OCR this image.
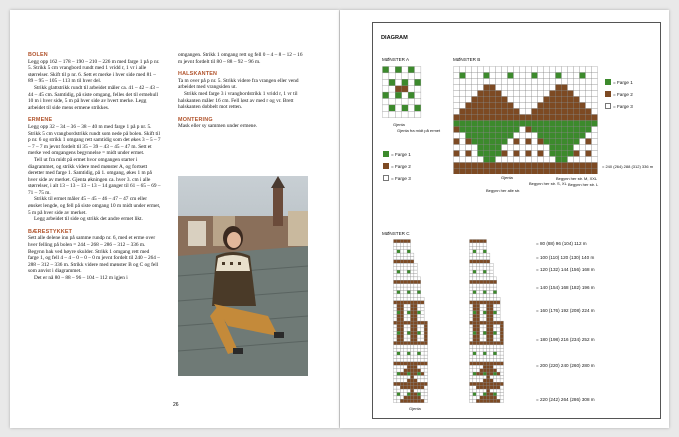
BOLEN

Legg opp 162 – 178 – 190 – 210 – 226 m med farge 1 på p nr. 5. Strikk 5 cm vrangbord rundt med 1 vridd r, 1 vr i alle størrelser. Skift til p nr. 6. Sett et merke i hver side med 81 – 89 – 95 – 105 – 113 m til hver del.

Strikk glattstrikk rundt til arbeidet måler ca. 41 – 42 – 43 – 44 – 45 cm. Samtidig, på siste omgang, felles det til ermehull 10 m i hver side, 5 m på hver side av hvert merke. Legg arbeidet til side mens ermene strikkes.

ERMENE

Legg opp 32 – 34 – 36 – 38 – 40 m med farge 1 på p nr. 5. Strikk 5 cm vrangbordstrikk rundt som nede på bolen. Skift til p nr. 6 og strikk 1 omgang rett samtidig som det økes 3 – 5 – 7 – 7 – 7 m jevnt fordelt til 35 – 39 – 43 – 45 – 47 m. Sett et merke ved omgangens begynnelse = midt under ermet.

Tell ut fra midt på ermet hvor omgangen starter i diagrammet, og strikk videre med mønster A, og fortsett deretter med farge 1. Samtidig, på 1. omgang, økes 1 m på hver side av merket. Gjenta økningen ca. hver 3. cm i alle størrelser, i alt 13 – 13 – 13 – 13 – 14 ganger til 61 – 65 – 69 – 71 – 75 m.

Strikk til ermet måler 45 – 45 – 46 – 47 – 47 cm eller ønsket lengde, og fell på siste omgang 10 m midt under ermet, 5 m på hver side av merket.

Legg arbeidet til side og strikk det andre ermet likt.

BÆRESTYKKET

Sett alle delene inn på samme rundp nr. 6, med et erme over hver felling på bolen = 244 – 268 – 286 – 312 – 336 m. Begynn bak ved høyre skulder. Strikk 1 omgang rett med farge 1, og fell 4 – 4 – 0 – 0 – 0 m jevnt fordelt til 240 – 264 – 288 – 312 – 336 m. Strikk videre med mønster B og C og fell som anvist i diagrammet.

Det er nå 80 – 88 – 96 – 104 – 112 m igjen i

omgangen. Strikk 1 omgang rett og fell 0 – 4 – 8 – 12 – 16 m jevnt fordelt til 80 – 88 – 92 – 96 m.

HALSKANTEN

Ta m over på p nr. 5. Strikk videre fra vrangen eller vend arbeidet med vrangsiden ut.

Strikk med farge 3 i vrangbordstrikk 1 vridd r, 1 vr til halskanten måler 16 cm. Fell løst av med r og vr. Brett halskanten dobbelt mot retten.

MONTERING

Mask eller sy sammen under ermene.

26
DIAGRAM
MØNSTER A
Gjenta
Gjenta fra midt på ermet
= Farge 1
= Farge 2
= Farge 3
MØNSTER B
Gjenta
Begynn her alle str.
Begynn her str. S, XL
Begynn her str. M, XXL
Begynn her str. L
= 240 (264) 288 (312) 336 m
= Farge 1
= Farge 2
= Farge 3
MØNSTER C
Gjenta
= 80 (88) 96 (104) 112 m
= 100 (110) 120 (130) 140 m
= 120 (132) 144 (156) 168 m
= 140 (154) 168 (182) 196 m
= 160 (176) 192 (208) 224 m
= 180 (198) 216 (234) 252 m
= 200 (220) 240 (260) 280 m
= 220 (242) 264 (286) 308 m
